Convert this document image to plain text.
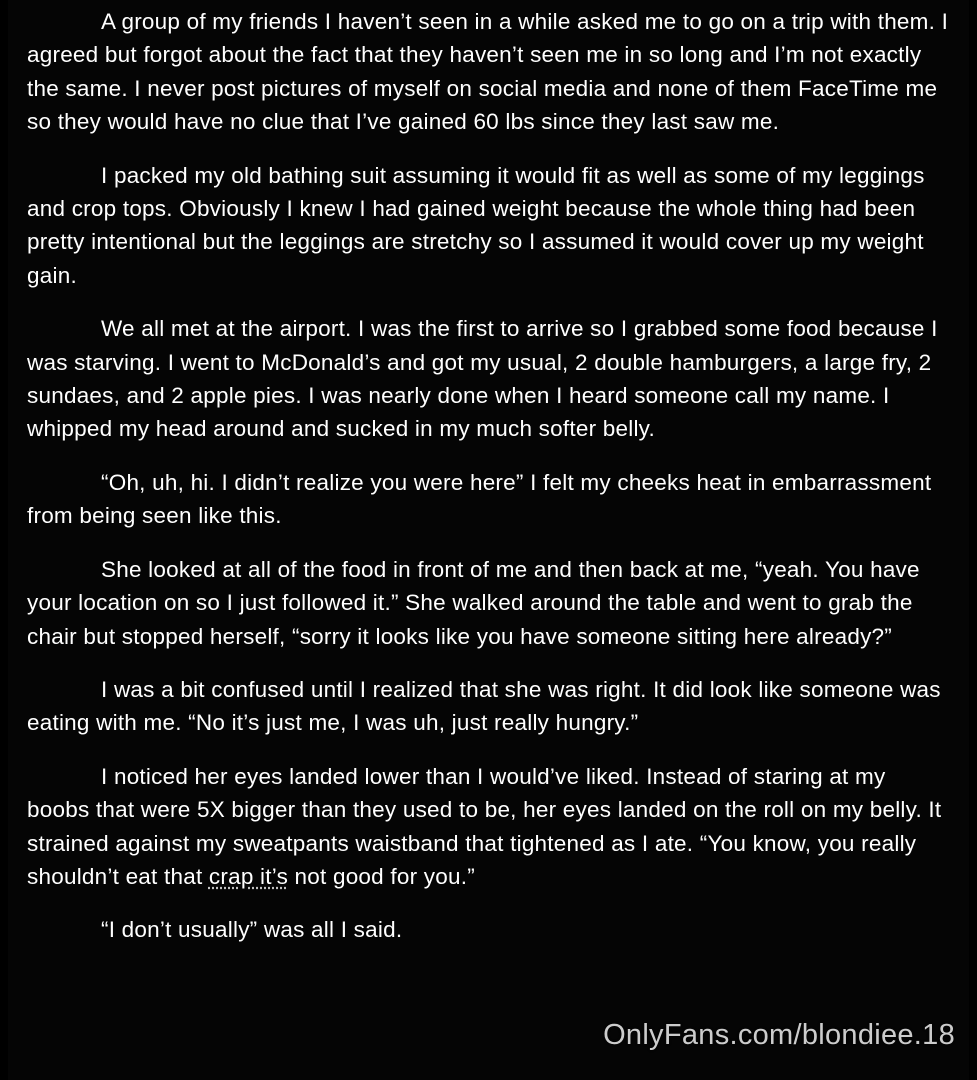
A group of my friends I haven’t seen in a while asked me to go on a trip with them. I agreed but forgot about the fact that they haven’t seen me in so long and I’m not exactly the same. I never post pictures of myself on social media and none of them FaceTime me so they would have no clue that I’ve gained 60 lbs since they last saw me.

I packed my old bathing suit assuming it would fit as well as some of my leggings and crop tops. Obviously I knew I had gained weight because the whole thing had been pretty intentional but the leggings are stretchy so I assumed it would cover up my weight gain.

We all met at the airport. I was the first to arrive so I grabbed some food because I was starving. I went to McDonald’s and got my usual, 2 double hamburgers, a large fry, 2 sundaes, and 2 apple pies. I was nearly done when I heard someone call my name. I whipped my head around and sucked in my much softer belly.

“Oh, uh, hi. I didn’t realize you were here” I felt my cheeks heat in embarrassment from being seen like this.

She looked at all of the food in front of me and then back at me, “yeah. You have your location on so I just followed it.” She walked around the table and went to grab the chair but stopped herself, “sorry it looks like you have someone sitting here already?”

I was a bit confused until I realized that she was right. It did look like someone was eating with me. “No it’s just me, I was uh, just really hungry.”

I noticed her eyes landed lower than I would’ve liked. Instead of staring at my boobs that were 5X bigger than they used to be, her eyes landed on the roll on my belly. It strained against my sweatpants waistband that tightened as I ate. “You know, you really shouldn’t eat that crap it’s not good for you.”

“I don’t usually” was all I said.

OnlyFans.com/blondiee.18
